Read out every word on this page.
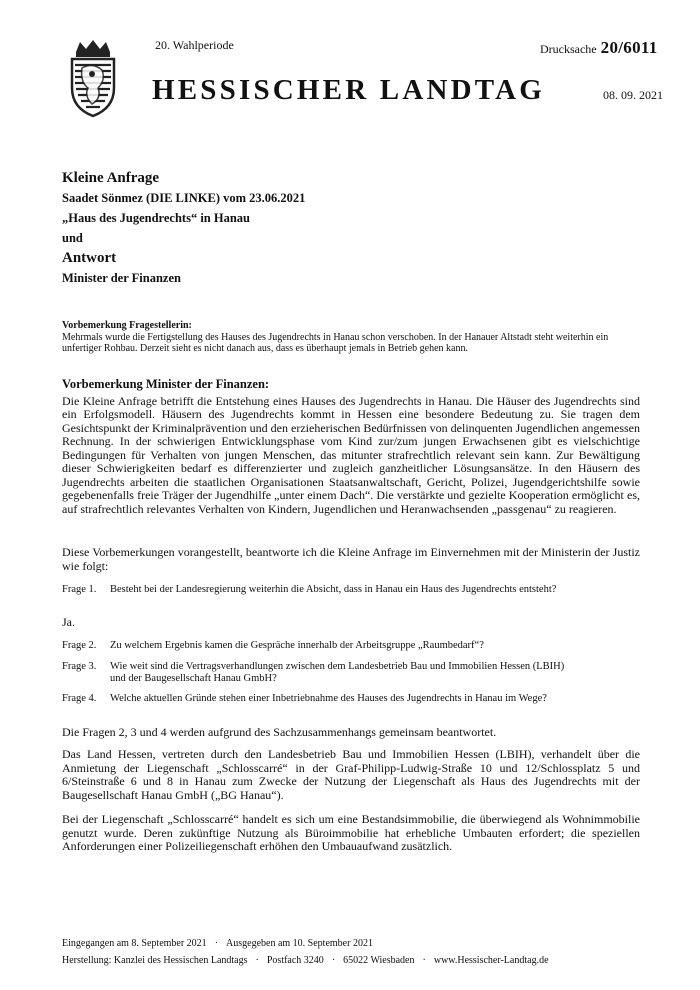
20. Wahlperiode	Drucksache 20/6011
HESSISCHER LANDTAG	08. 09. 2021
Kleine Anfrage
Saadet Sönmez (DIE LINKE) vom 23.06.2021
„Haus des Jugendrechts“ in Hanau
und
Antwort
Minister der Finanzen
Vorbemerkung Fragestellerin:
Mehrmals wurde die Fertigstellung des Hauses des Jugendrechts in Hanau schon verschoben. In der Hanauer Altstadt steht weiterhin ein unfertiger Rohbau. Derzeit sieht es nicht danach aus, dass es überhaupt jemals in Betrieb gehen kann.
Vorbemerkung Minister der Finanzen:

Die Kleine Anfrage betrifft die Entstehung eines Hauses des Jugendrechts in Hanau. Die Häuser des Jugendrechts sind ein Erfolgsmodell. Häusern des Jugendrechts kommt in Hessen eine besondere Bedeutung zu. Sie tragen dem Gesichtspunkt der Kriminalprävention und den erzieherischen Bedürfnissen von delinquenten Jugendlichen angemessen Rechnung. In der schwierigen Entwicklungsphase vom Kind zur/zum jungen Erwachsenen gibt es vielschichtige Bedingungen für Verhalten von jungen Menschen, das mitunter strafrechtlich relevant sein kann. Zur Bewältigung dieser Schwierigkeiten bedarf es differenzierter und zugleich ganzheitlicher Lösungsansätze. In den Häusern des Jugendrechts arbeiten die staatlichen Organisationen Staatsanwaltschaft, Gericht, Polizei, Jugendgerichtshilfe sowie gegebenenfalls freie Träger der Jugendhilfe „unter einem Dach“. Die verstärkte und gezielte Kooperation ermöglicht es, auf strafrechtlich relevantes Verhalten von Kindern, Jugendlichen und Heranwachsenden „passgenau“ zu reagieren.

Diese Vorbemerkungen vorangestellt, beantworte ich die Kleine Anfrage im Einvernehmen mit der Ministerin der Justiz wie folgt:
Frage 1. Besteht bei der Landesregierung weiterhin die Absicht, dass in Hanau ein Haus des Jugendrechts entsteht?
Ja.
Frage 2. Zu welchem Ergebnis kamen die Gespräche innerhalb der Arbeitsgruppe „Raumbedarf“?
Frage 3. Wie weit sind die Vertragsverhandlungen zwischen dem Landesbetrieb Bau und Immobilien Hessen (LBIH) und der Baugesellschaft Hanau GmbH?
Frage 4. Welche aktuellen Gründe stehen einer Inbetriebnahme des Hauses des Jugendrechts in Hanau im Wege?
Die Fragen 2, 3 und 4 werden aufgrund des Sachzusammenhangs gemeinsam beantwortet.
Das Land Hessen, vertreten durch den Landesbetrieb Bau und Immobilien Hessen (LBIH), verhandelt über die Anmietung der Liegenschaft „Schlosscarré“ in der Graf-Philipp-Ludwig-Straße 10 und 12/Schlossplatz 5 und 6/Steinstraße 6 und 8 in Hanau zum Zwecke der Nutzung der Liegenschaft als Haus des Jugendrechts mit der Baugesellschaft Hanau GmbH („BG Hanau“).
Bei der Liegenschaft „Schlosscarré“ handelt es sich um eine Bestandsimmobilie, die überwiegend als Wohnimmobilie genutzt wurde. Deren zukünftige Nutzung als Büroimmobilie hat erhebliche Umbauten erfordert; die speziellen Anforderungen einer Polizeiliegenschaft erhöhen den Umbauaufwand zusätzlich.
Eingegangen am 8. September 2021 · Ausgegeben am 10. September 2021
Herstellung: Kanzlei des Hessischen Landtags · Postfach 3240 · 65022 Wiesbaden · www.Hessischer-Landtag.de
